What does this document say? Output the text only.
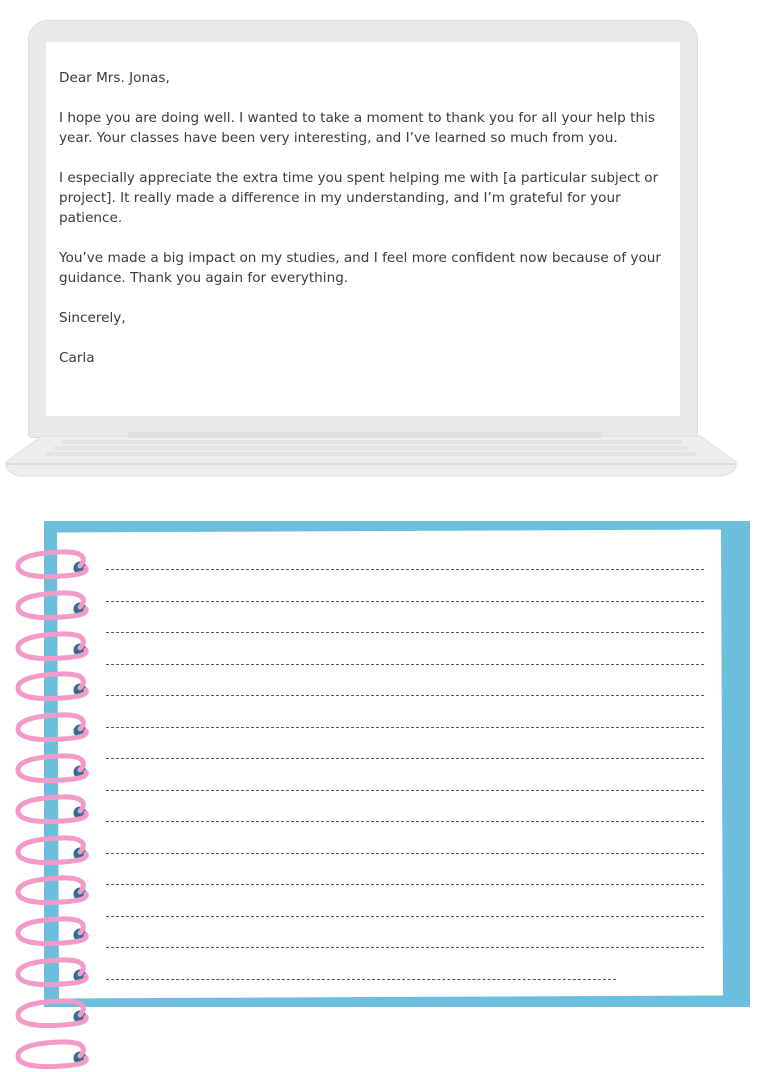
Dear Mrs. Jonas,

I hope you are doing well. I wanted to take a moment to thank you for all your help this year. Your classes have been very interesting, and I’ve learned so much from you.

I especially appreciate the extra time you spent helping me with [a particular subject or project]. It really made a difference in my understanding, and I’m grateful for your patience.

You’ve made a big impact on my studies, and I feel more confident now because of your guidance. Thank you again for everything.

Sincerely,

Carla
